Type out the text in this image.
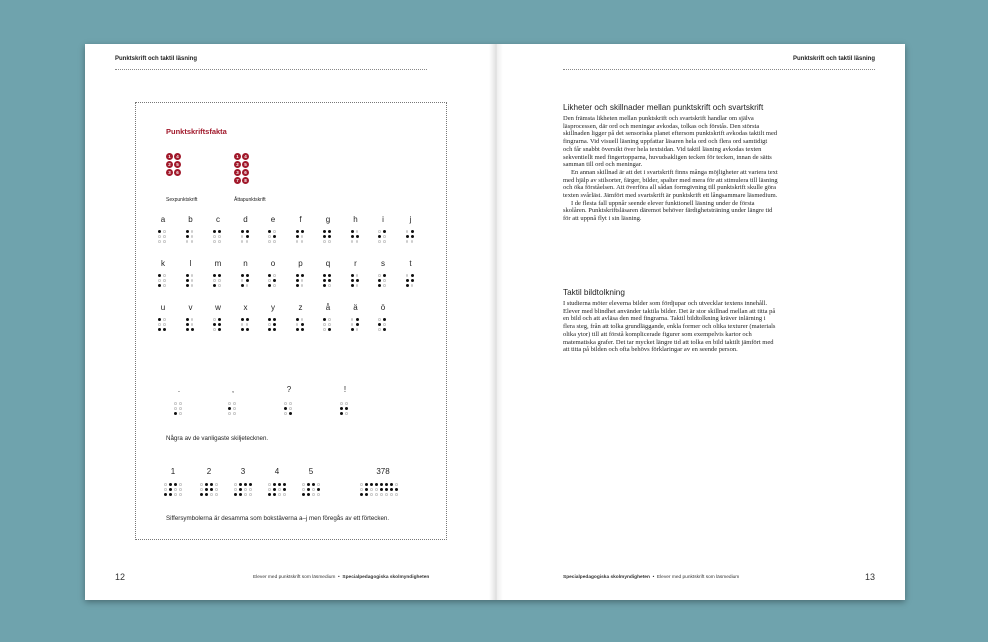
Punktskrift och taktil läsning
Punktskriftsfakta
1	4
2	5
3	6
Sexpunktskrift
1	4
2	5
3	6
7	8
Åttapunktskrift
Några av de vanligaste skiljetecknen.
Siffersymbolerna är desamma som bokstäverna a–j men föregås av ett förtecken.
a	b	c	d	e	f	g	h	i	j
k	l	m	n	o	p	q	r	s	t
u	v	w	x	y	z	å	ä	ö
.	,	?	!
1	2	3	4	5	378
12	Elever med punktskrift som läsmedium  •  Specialpedagogiska skolmyndigheten
Punktskrift och taktil läsning
Likheter och skillnader mellan punktskrift och svartskrift

Den främsta likheten mellan punktskrift och svartskrift handlar om själva läsprocessen, där ord och meningar avkodas, tolkas och förstås. Den största skillnaden ligger på det sensoriska planet eftersom punktskrift avkodas taktilt med fingrarna. Vid visuell läsning uppfattar läsaren hela ord och flera ord samtidigt och får snabbt översikt över hela textsidan. Vid taktil läsning avkodas texten sekventiellt med fingertopparna, huvudsakligen tecken för tecken, innan de sätts samman till ord och meningar.

En annan skillnad är att det i svartskrift finns många möjligheter att variera text med hjälp av stilsorter, färger, bilder, spalter med mera för att stimulera till läsning och öka förståelsen. Att överföra all sådan formgivning till punktskrift skulle göra texten svårläst. Jämfört med svartskrift är punktskrift ett långsammare läsmedium.

I de flesta fall uppnår seende elever funktionell läsning under de första skolåren. Punktskriftsläsaren däremot behöver färdighetsträning under längre tid för att uppnå flyt i sin läsning.

Taktil bildtolkning

I studierna möter eleverna bilder som fördjupar och utvecklar textens innehåll. Elever med blindhet använder taktila bilder. Det är stor skillnad mellan att titta på en bild och att avläsa den med fingrarna. Taktil bildtolkning kräver inlärning i flera steg, från att tolka grundläggande, enkla former och olika texturer (materials olika ytor) till att förstå komplicerade figurer som exempelvis kartor och matematiska grafer. Det tar mycket längre tid att tolka en bild taktilt jämfört med att titta på bilden och ofta behövs förklaringar av en seende person.

Specialpedagogiska skolmyndigheten  •  Elever med punktskrift som läsmedium	13
